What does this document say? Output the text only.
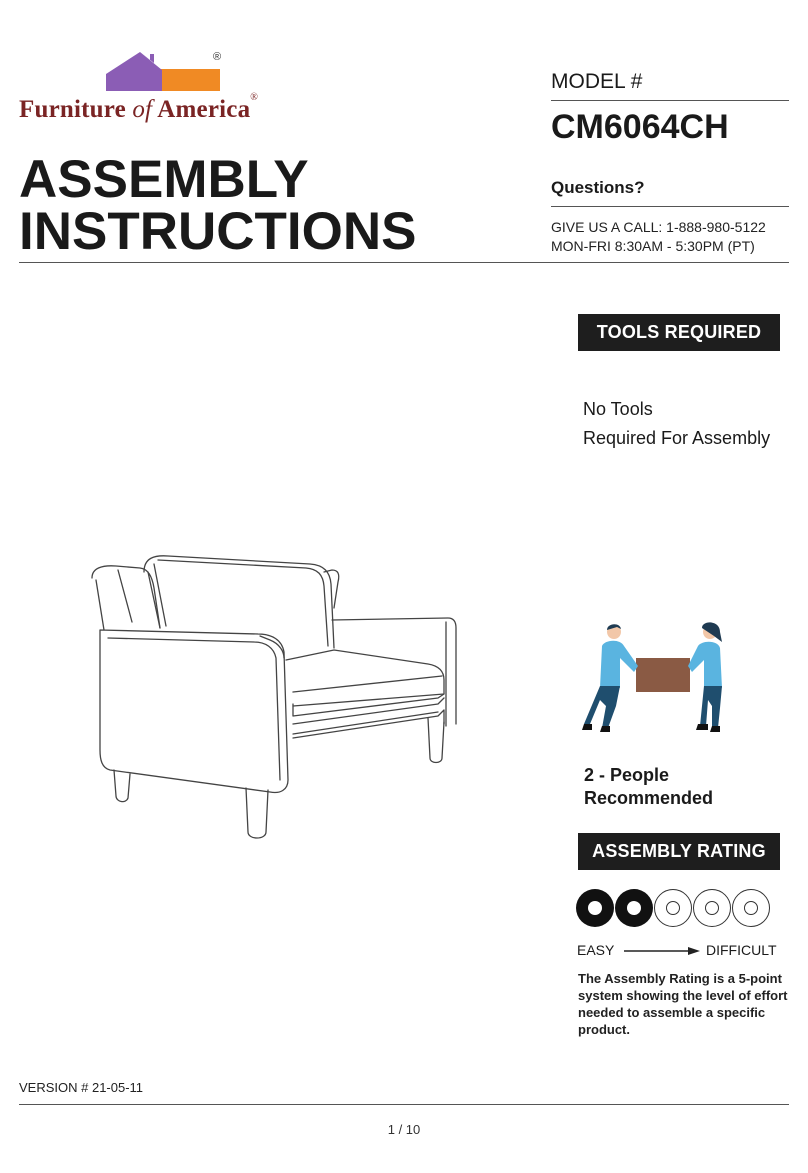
®
Furniture of America®
ASSEMBLY
INSTRUCTIONS
MODEL #
CM6064CH
Questions?
GIVE US A CALL: 1-888-980-5122
MON-FRI 8:30AM - 5:30PM (PT)
TOOLS REQUIRED
No Tools
Required For Assembly
2 - People
Recommended
ASSEMBLY RATING
EASY	DIFFICULT
The Assembly Rating is a 5-point system showing the level of effort needed to assemble a specific product.
VERSION # 21-05-11
1 / 10
